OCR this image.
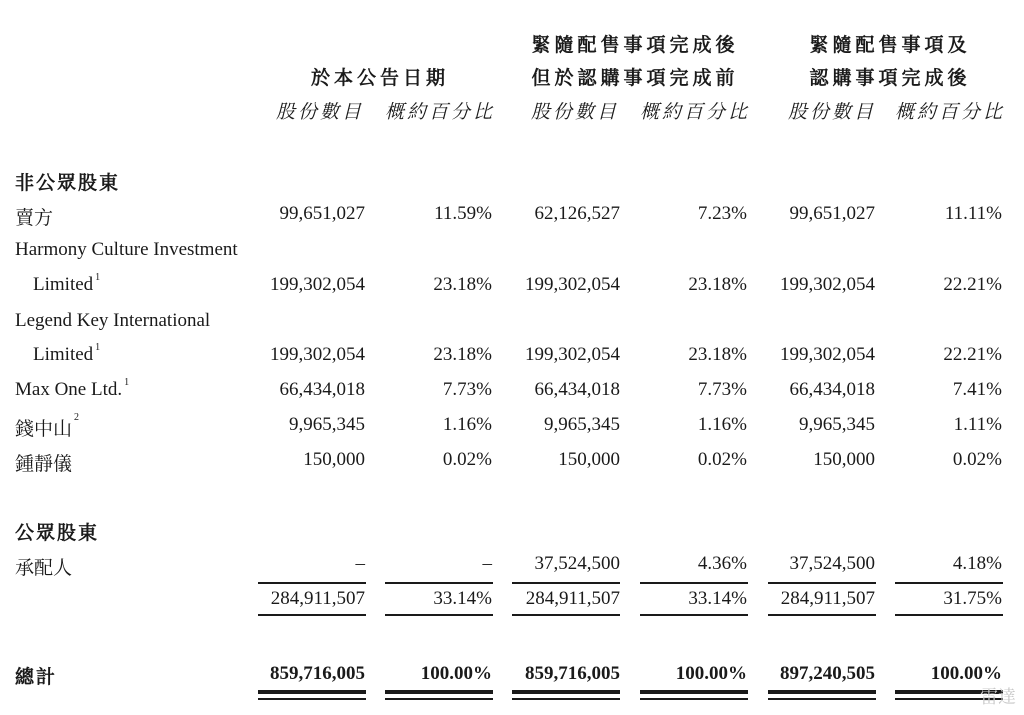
於本公告日期
緊隨配售事項完成後
但於認購事項完成前
緊隨配售事項及
認購事項完成後
股份數目	概約百分比	股份數目	概約百分比	股份數目	概約百分比
非公眾股東
賣方	99,651,027	11.59%	62,126,527	7.23%	99,651,027	11.11%
Harmony Culture Investment
Limited $^1$	199,302,054	23.18%	199,302,054	23.18%	199,302,054	22.21%
Legend Key International
Limited $^1$	199,302,054	23.18%	199,302,054	23.18%	199,302,054	22.21%
Max One Ltd. $^1$	66,434,018	7.73%	66,434,018	7.73%	66,434,018	7.41%
錢中山$^2$	9,965,345	1.16%	9,965,345	1.16%	9,965,345	1.11%
鍾靜儀	150,000	0.02%	150,000	0.02%	150,000	0.02%
公眾股東
承配人	–	–	37,524,500	4.36%	37,524,500	4.18%
284,911,507	33.14%	284,911,507	33.14%	284,911,507	31.75%
總計	859,716,005	100.00%	859,716,005	100.00%	897,240,505	100.00%
雷達
